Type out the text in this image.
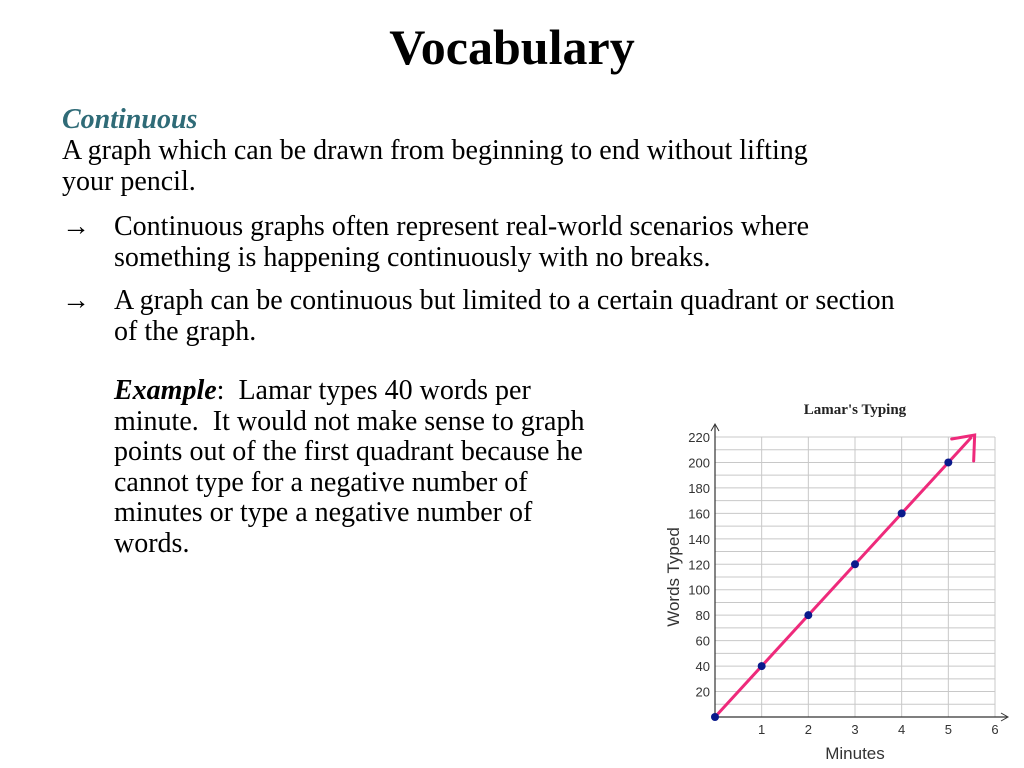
Vocabulary
Continuous
A graph which can be drawn from beginning to end without lifting your pencil.
→ Continuous graphs often represent real-world scenarios where something is happening continuously with no breaks.
→ A graph can be continuous but limited to a certain quadrant or section of the graph.
Example:  Lamar types 40 words per minute.  It would not make sense to graph points out of the first quadrant because he cannot type for a negative number of minutes or type a negative number of words.
20
40
60
80
100
120
140
160
180
200
220
1	2	3	4	5	6
Lamar's Typing
Minutes
Words Typed
